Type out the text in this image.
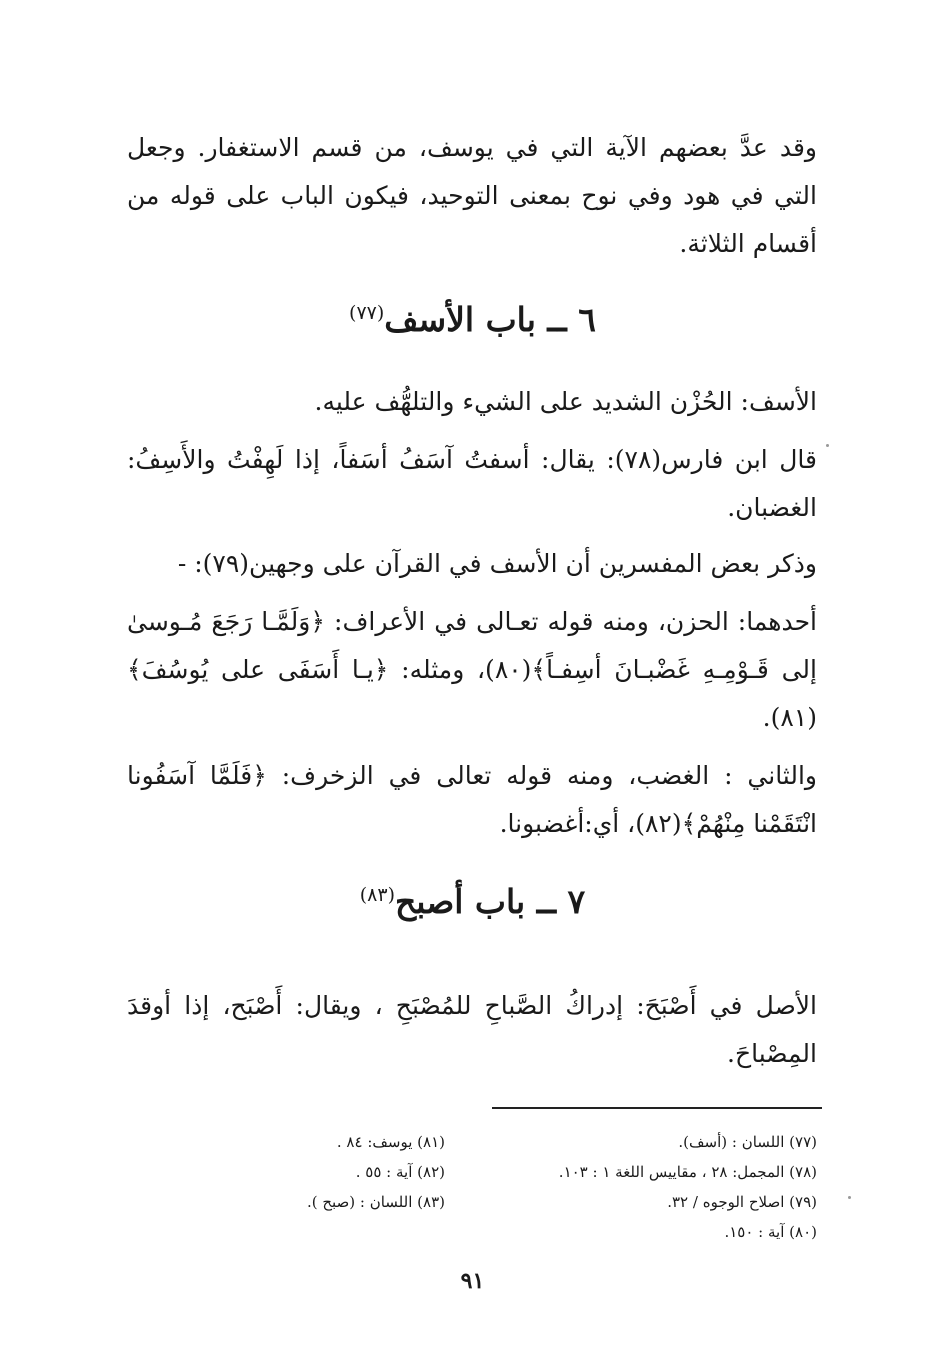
وقد عدَّ بعضهم الآية التي في يوسف، من قسم الاستغفار. وجعل التي في هود وفي نوح بمعنى التوحيد، فيكون الباب على قوله من أقسام الثلاثة.

٦ ــ باب الأسف$^{(٧٧)}$

الأسف: الحُزْن الشديد على الشيء والتلهُّف عليه.

قال ابن فارس(٧٨): يقال: أسفتُ آسَفُ أسَفاً، إذا لَهِفْتُ والأَسِفُ: الغضبان.

وذكر بعض المفسرين أن الأسف في القرآن على وجهين(٧٩): -

أحدهما: الحزن، ومنه قوله تعـالى في الأعراف: ﴿وَلَمَّـا رَجَعَ مُـوسىٰ إلى قَـوْمِـهِ غَضْبـانَ أسِفـاً﴾(٨٠)، ومثله: ﴿يـا أَسَفَى على يُوسُفَ﴾(٨١).

والثاني : الغضب، ومنه قوله تعالى في الزخرف: ﴿فَلَمَّا آسَفُونا انْتَقَمْنا مِنْهُمْ﴾(٨٢)، أي:أغضبونا.

٧ ــ باب أصبح$^{(٨٣)}$

الأصل في أَصْبَحَ: إدراكُ الصَّباحِ للمُصْبَحِ ، ويقال: أَصْبَح، إذا أوقدَ المِصْباحَ.

(٧٧) اللسان : (أسف).
(٧٨) المجمل: ٢٨ ، مقاييس اللغة ١ : ١٠٣.
(٧٩) اصلاح الوجوه / ٣٢.
(٨٠) آية : ١٥٠.
(٨١) يوسف: ٨٤ .
(٨٢) آية : ٥٥ .
(٨٣) اللسان : (صبح ).
٩١
